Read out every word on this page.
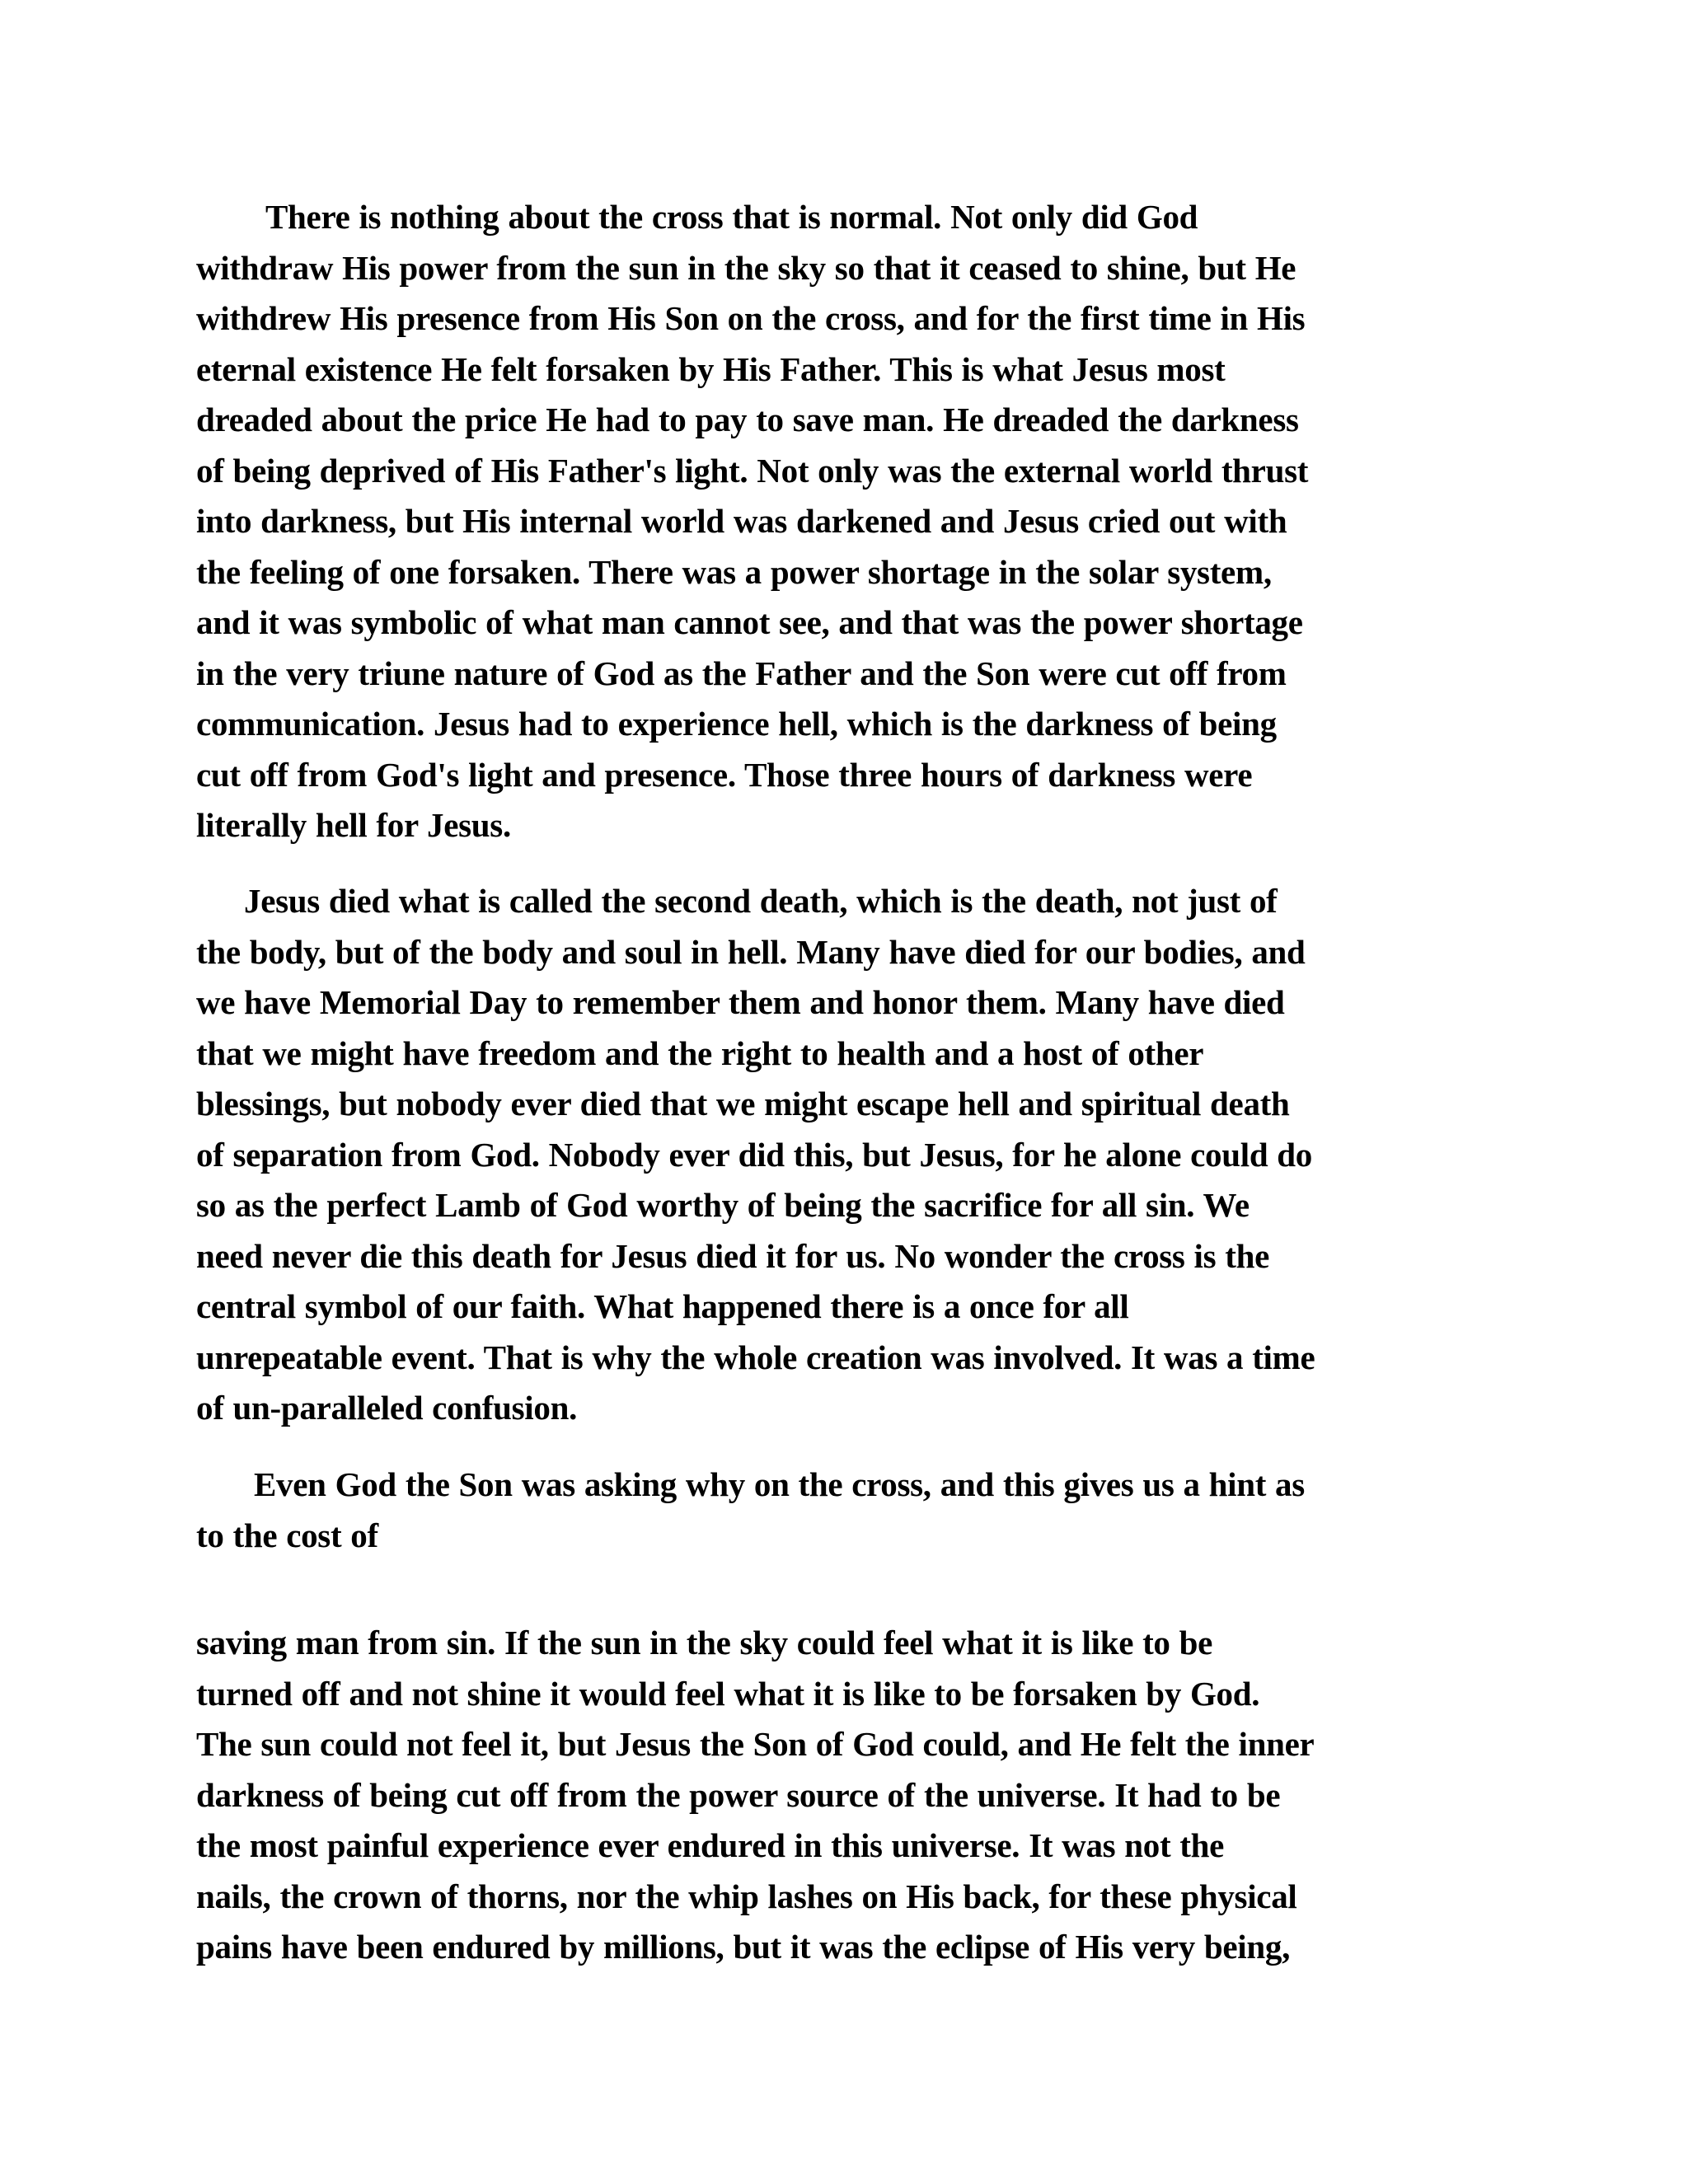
There is nothing about the cross that is normal. Not only did God
withdraw His power from the sun in the sky so that it ceased to shine, but He
withdrew His presence from His Son on the cross, and for the first time in His
eternal existence He felt forsaken by His Father. This is what Jesus most
dreaded about the price He had to pay to save man. He dreaded the darkness
of being deprived of His Father's light. Not only was the external world thrust
into darkness, but His internal world was darkened and Jesus cried out with
the feeling of one forsaken. There was a power shortage in the solar system,
and it was symbolic of what man cannot see, and that was the power shortage
in the very triune nature of God as the Father and the Son were cut off from
communication. Jesus had to experience hell, which is the darkness of being
cut off from God's light and presence. Those three hours of darkness were
literally hell for Jesus.
Jesus died what is called the second death, which is the death, not just of
the body, but of the body and soul in hell. Many have died for our bodies, and
we have Memorial Day to remember them and honor them. Many have died
that we might have freedom and the right to health and a host of other
blessings, but nobody ever died that we might escape hell and spiritual death
of separation from God. Nobody ever did this, but Jesus, for he alone could do
so as the perfect Lamb of God worthy of being the sacrifice for all sin. We
need never die this death for Jesus died it for us. No wonder the cross is the
central symbol of our faith. What happened there is a once for all
unrepeatable event. That is why the whole creation was involved. It was a time
of un-paralleled confusion.
Even God the Son was asking why on the cross, and this gives us a hint as
to the cost of
saving man from sin. If the sun in the sky could feel what it is like to be
turned off and not shine it would feel what it is like to be forsaken by God.
The sun could not feel it, but Jesus the Son of God could, and He felt the inner
darkness of being cut off from the power source of the universe. It had to be
the most painful experience ever endured in this universe. It was not the
nails, the crown of thorns, nor the whip lashes on His back, for these physical
pains have been endured by millions, but it was the eclipse of His very being,
